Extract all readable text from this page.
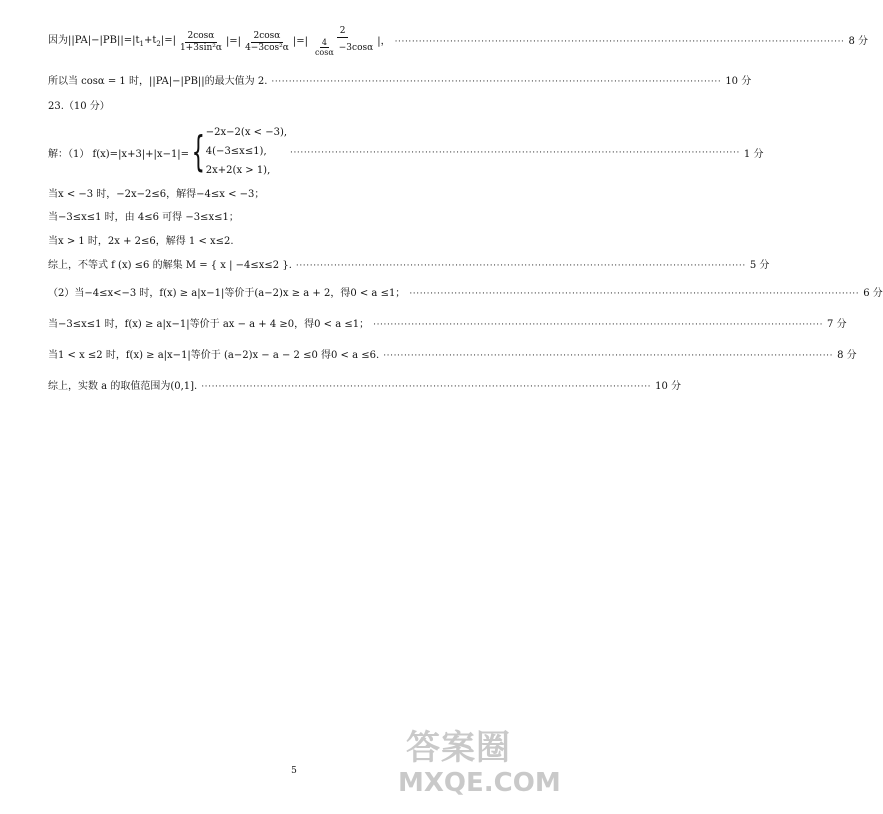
因为$||PA|-|PB||=|t_1+t_2|=| \frac{2\cos\alpha}{\text{1+3sin²α}}$ |=| $\frac{2\cos\alpha}{\text{4−3cos²α}}$ |=| $\frac{2}{\frac{4}{\cos\alpha} -3\cos\alpha}$ |， ·································································································································· 8 分
所以当 cosα = 1 时，||PA|−|PB||的最大值为 2. ·································································································································· 10 分
23.（10 分）
解：（1） f(x)=|x+3|+|x−1|= { −2x−2(x < −3),
4(−3≤x≤1),
2x+2(x > 1),
·································································································································· 1 分
当x < −3 时，−2x−2≤6，解得−4≤x < −3；
当−3≤x≤1 时，由 4≤6 可得 −3≤x≤1；
当x > 1 时，2x + 2≤6，解得 1 < x≤2.
综上，不等式 f (x) ≤6 的解集 M = { x | −4≤x≤2 }. ·································································································································· 5 分
（2）当−4≤x<−3 时，f(x) ≥ a|x−1|等价于(a−2)x ≥ a + 2，得0 < a ≤1； ·································································································································· 6 分
当−3≤x≤1 时，f(x) ≥ a|x−1|等价于 ax − a + 4 ≥0，得0 < a ≤1； ·································································································································· 7 分
当1 < x ≤2 时，f(x) ≥ a|x−1|等价于 (a−2)x − a − 2 ≤0 得0 < a ≤6. ·································································································································· 8 分
综上，实数 a 的取值范围为(0,1]. ·································································································································· 10 分
5
答案圈
MXQE.COM
